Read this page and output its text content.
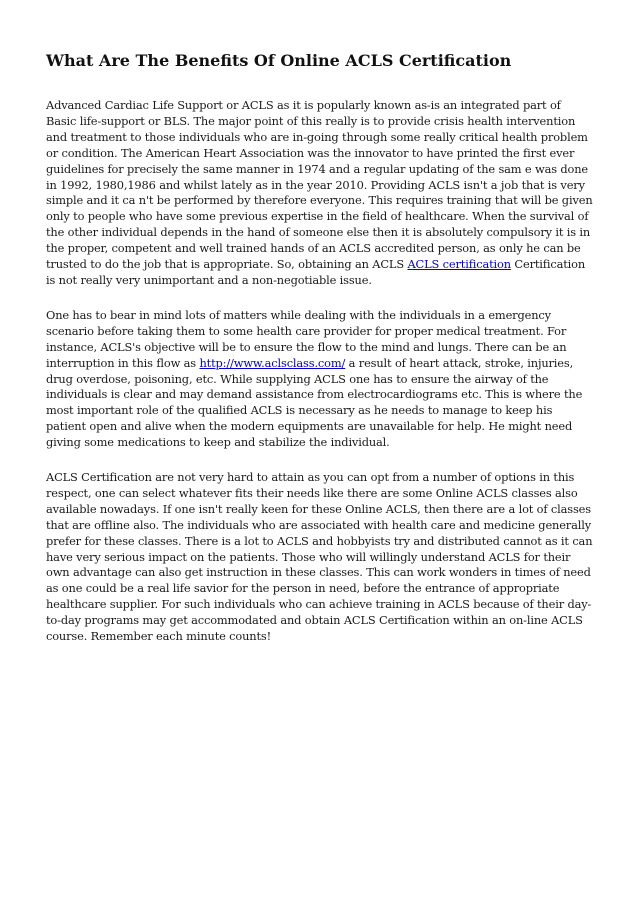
What Are The Benefits Of Online ACLS Certification

Advanced Cardiac Life Support or ACLS as it is popularly known as-is an integrated part of Basic life-support or BLS. The major point of this really is to provide crisis health intervention and treatment to those individuals who are in-going through some really critical health problem or condition. The American Heart Association was the innovator to have printed the first ever guidelines for precisely the same manner in 1974 and a regular updating of the sam e was done in 1992, 1980,1986 and whilst lately as in the year 2010. Providing ACLS isn't a job that is very simple and it ca n't be performed by therefore everyone. This requires training that will be given only to people who have some previous expertise in the field of healthcare. When the survival of the other individual depends in the hand of someone else then it is absolutely compulsory it is in the proper, competent and well trained hands of an ACLS accredited person, as only he can be trusted to do the job that is appropriate. So, obtaining an ACLS ACLS certification Certification is not really very unimportant and a non-negotiable issue.

One has to bear in mind lots of matters while dealing with the individuals in a emergency scenario before taking them to some health care provider for proper medical treatment. For instance, ACLS's objective will be to ensure the flow to the mind and lungs. There can be an interruption in this flow as http://www.aclsclass.com/ a result of heart attack, stroke, injuries, drug overdose, poisoning, etc. While supplying ACLS one has to ensure the airway of the individuals is clear and may demand assistance from electrocardiograms etc. This is where the most important role of the qualified ACLS is necessary as he needs to manage to keep his patient open and alive when the modern equipments are unavailable for help. He might need giving some medications to keep and stabilize the individual.

ACLS Certification are not very hard to attain as you can opt from a number of options in this respect, one can select whatever fits their needs like there are some Online ACLS classes also available nowadays. If one isn't really keen for these Online ACLS, then there are a lot of classes that are offline also. The individuals who are associated with health care and medicine generally prefer for these classes. There is a lot to ACLS and hobbyists try and distributed cannot as it can have very serious impact on the patients. Those who will willingly understand ACLS for their own advantage can also get instruction in these classes. This can work wonders in times of need as one could be a real life savior for the person in need, before the entrance of appropriate healthcare supplier. For such individuals who can achieve training in ACLS because of their day-to-day programs may get accommodated and obtain ACLS Certification within an on-line ACLS course. Remember each minute counts!
